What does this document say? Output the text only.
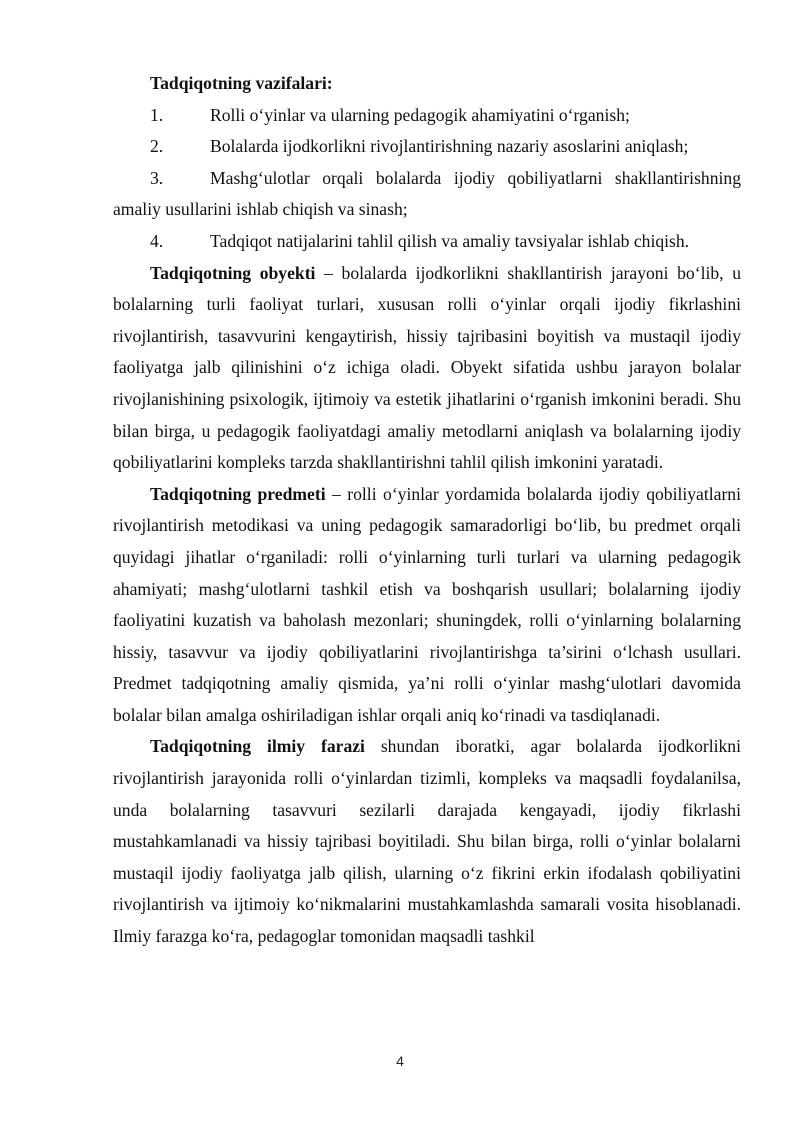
Tadqiqotning vazifalari:

1.	Rolli o‘yinlar va ularning pedagogik ahamiyatini o‘rganish;

2.	Bolalarda ijodkorlikni rivojlantirishning nazariy asoslarini aniqlash;

3.	Mashg‘ulotlar orqali bolalarda ijodiy qobiliyatlarni shakllantirishning amaliy usullarini ishlab chiqish va sinash;

4.	Tadqiqot natijalarini tahlil qilish va amaliy tavsiyalar ishlab chiqish.

Tadqiqotning obyekti – bolalarda ijodkorlikni shakllantirish jarayoni bo‘lib, u bolalarning turli faoliyat turlari, xususan rolli o‘yinlar orqali ijodiy fikrlashini rivojlantirish, tasavvurini kengaytirish, hissiy tajribasini boyitish va mustaqil ijodiy faoliyatga jalb qilinishini o‘z ichiga oladi. Obyekt sifatida ushbu jarayon bolalar rivojlanishining psixologik, ijtimoiy va estetik jihatlarini o‘rganish imkonini beradi. Shu bilan birga, u pedagogik faoliyatdagi amaliy metodlarni aniqlash va bolalarning ijodiy qobiliyatlarini kompleks tarzda shakllantirishni tahlil qilish imkonini yaratadi.

Tadqiqotning predmeti – rolli o‘yinlar yordamida bolalarda ijodiy qobiliyatlarni rivojlantirish metodikasi va uning pedagogik samaradorligi bo‘lib, bu predmet orqali quyidagi jihatlar o‘rganiladi: rolli o‘yinlarning turli turlari va ularning pedagogik ahamiyati; mashg‘ulotlarni tashkil etish va boshqarish usullari; bolalarning ijodiy faoliyatini kuzatish va baholash mezonlari; shuningdek, rolli o‘yinlarning bolalarning hissiy, tasavvur va ijodiy qobiliyatlarini rivojlantirishga ta’sirini o‘lchash usullari. Predmet tadqiqotning amaliy qismida, ya’ni rolli o‘yinlar mashg‘ulotlari davomida bolalar bilan amalga oshiriladigan ishlar orqali aniq ko‘rinadi va tasdiqlanadi.

Tadqiqotning ilmiy farazi shundan iboratki, agar bolalarda ijodkorlikni rivojlantirish jarayonida rolli o‘yinlardan tizimli, kompleks va maqsadli foydalanilsa, unda bolalarning tasavvuri sezilarli darajada kengayadi, ijodiy fikrlashi mustahkamlanadi va hissiy tajribasi boyitiladi. Shu bilan birga, rolli o‘yinlar bolalarni mustaqil ijodiy faoliyatga jalb qilish, ularning o‘z fikrini erkin ifodalash qobiliyatini rivojlantirish va ijtimoiy ko‘nikmalarini mustahkamlashda samarali vosita hisoblanadi. Ilmiy farazga ko‘ra, pedagoglar tomonidan maqsadli tashkil

4
